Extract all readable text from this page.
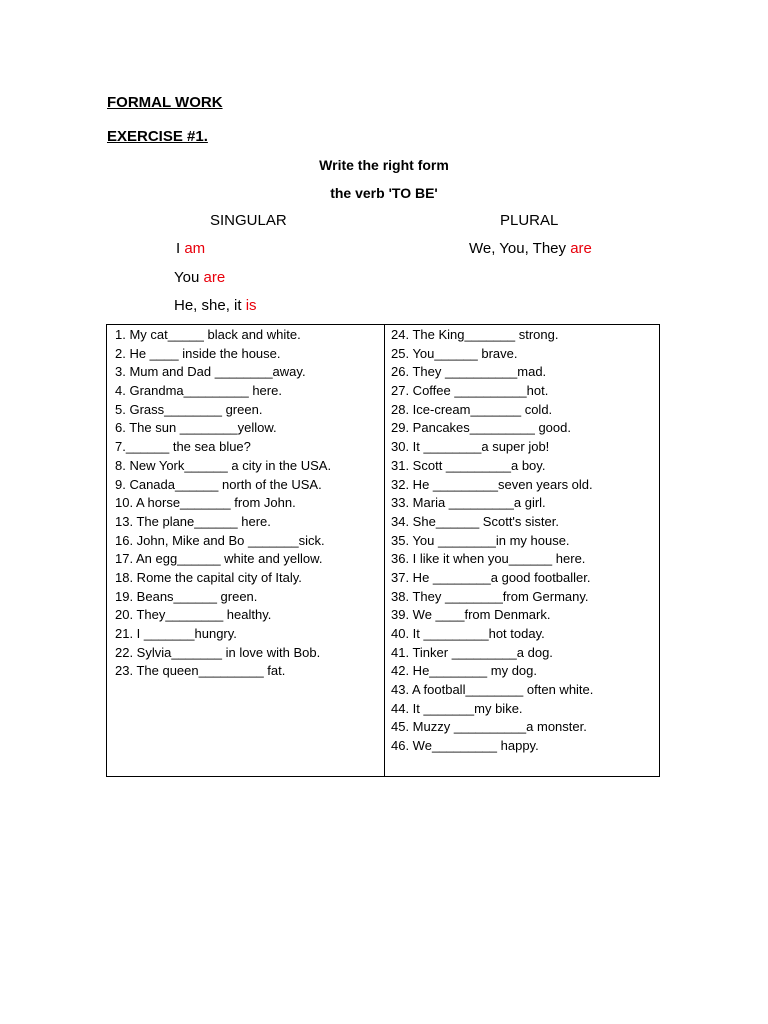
FORMAL WORK
EXERCISE #1.
Write the right form
the verb 'TO BE'
SINGULAR	PLURAL
I am
You are
He, she, it is
We, You, They are
1. My cat_____ black and white.
2. He ____ inside the house.
3. Mum and Dad ________away.
4. Grandma_________ here.
5. Grass________ green.
6. The sun ________yellow.
7.______ the sea blue?
8. New York______ a city in the USA.
9. Canada______ north of the USA.
10. A horse_______ from John.
13. The plane______ here.
16. John, Mike and Bo _______sick.
17. An egg______ white and yellow.
18. Rome the capital city of Italy.
19. Beans______ green.
20. They________ healthy.
21. I _______hungry.
22. Sylvia_______ in love with Bob.
23. The queen_________ fat.
24. The King_______ strong.
25. You______ brave.
26. They __________mad.
27. Coffee __________hot.
28. Ice-cream_______ cold.
29. Pancakes_________ good.
30. It ________a super job!
31. Scott _________a boy.
32. He _________seven years old.
33. Maria _________a girl.
34. She______ Scott's sister.
35. You ________in my house.
36. I like it when you______ here.
37. He ________a good footballer.
38. They ________from Germany.
39. We ____from Denmark.
40. It _________hot today.
41. Tinker _________a dog.
42. He________ my dog.
43. A football________ often white.
44. It _______my bike.
45. Muzzy __________a monster.
46. We_________ happy.
